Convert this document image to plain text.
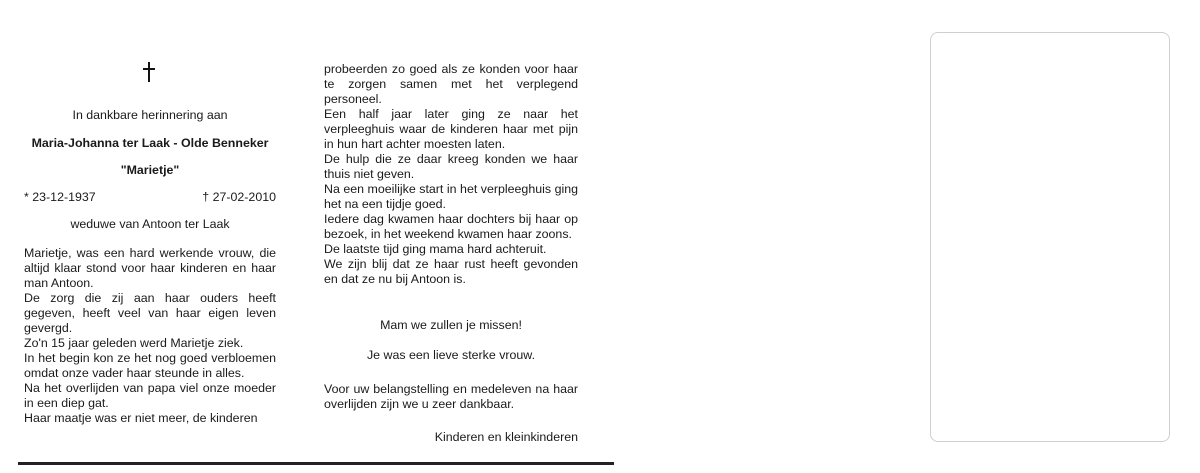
In dankbare herinnering aan
Maria-Johanna ter Laak - Olde Benneker
"Marietje"
* 23-12-1937	† 27-02-2010
weduwe van Antoon ter Laak

Marietje, was een hard werkende vrouw, die altijd klaar stond voor haar kinderen en haar man Antoon.

De zorg die zij aan haar ouders heeft gegeven, heeft veel van haar eigen leven gevergd.

Zo'n 15 jaar geleden werd Marietje ziek.

In het begin kon ze het nog goed verbloemen omdat onze vader haar steunde in alles.

Na het overlijden van papa viel onze moeder in een diep gat.

Haar maatje was er niet meer, de kinderen

probeerden zo goed als ze konden voor haar te zorgen samen met het verplegend personeel.

Een half jaar later ging ze naar het verpleeghuis waar de kinderen haar met pijn in hun hart achter moesten laten.

De hulp die ze daar kreeg konden we haar thuis niet geven.

Na een moeilijke start in het verpleeghuis ging het na een tijdje goed.

Iedere dag kwamen haar dochters bij haar op bezoek, in het weekend kwamen haar zoons.

De laatste tijd ging mama hard achteruit.

We zijn blij dat ze haar rust heeft gevonden en dat ze nu bij Antoon is.

Mam we zullen je missen!
Je was een lieve sterke vrouw.

Voor uw belangstelling en medeleven na haar overlijden zijn we u zeer dankbaar.

Kinderen en kleinkinderen
